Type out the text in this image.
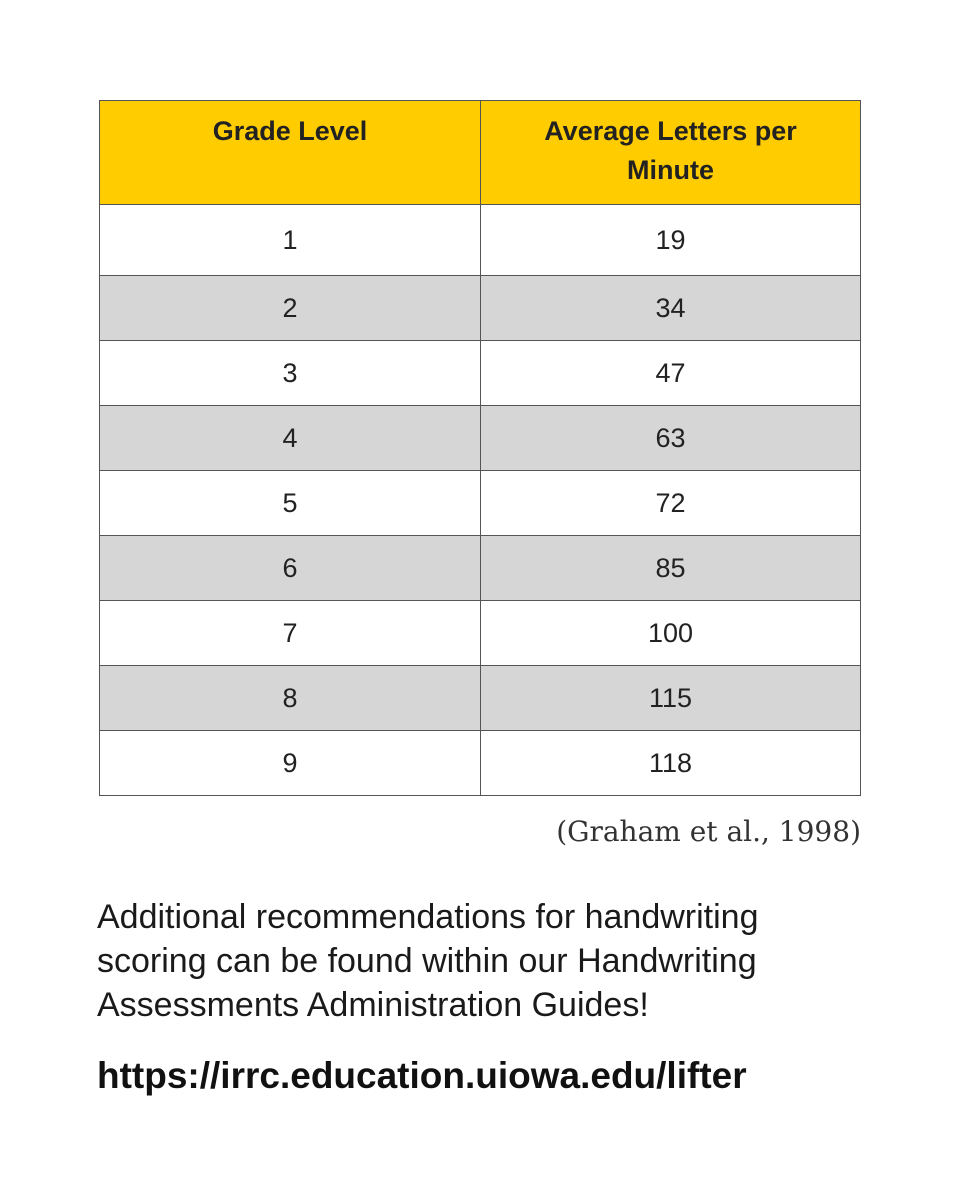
Grade Level	Average Letters per
Minute
1	19
2	34
3	47
4	63
5	72
6	85
7	100
8	115
9	118
(Graham et al., 1998)
Additional recommendations for handwriting scoring can be found within our Handwriting Assessments Administration Guides!
https://irrc.education.uiowa.edu/lifter
